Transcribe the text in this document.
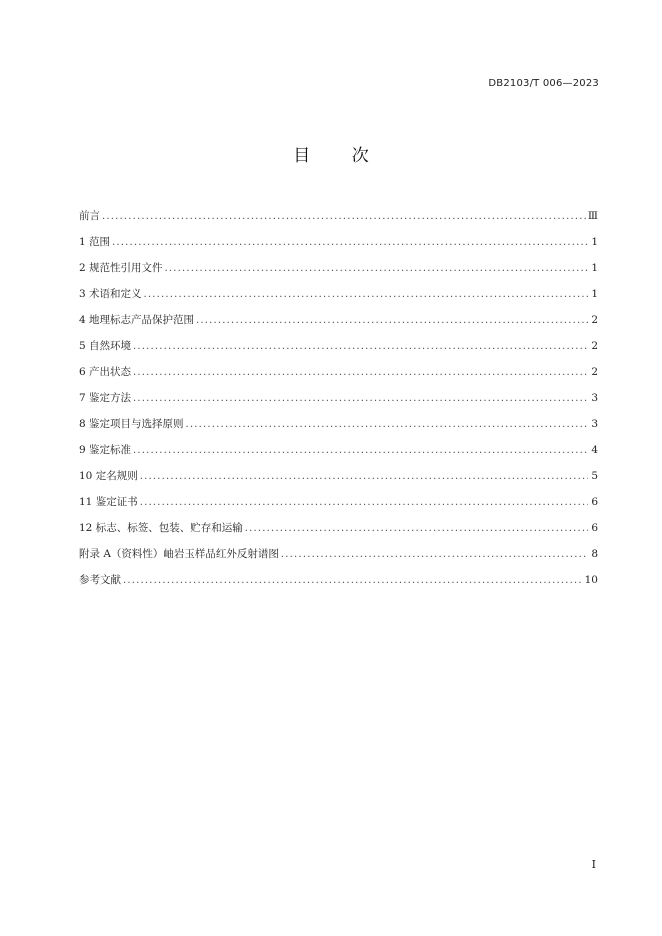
DB2103/T 006—2023
目 次
前言 .....	Ⅲ
1 范围 .....	1
2 规范性引用文件 .....	1
3 术语和定义 .....	1
4 地理标志产品保护范围 .....	2
5 自然环境 .....	2
6 产出状态 .....	2
7 鉴定方法 .....	3
8 鉴定项目与选择原则 .....	3
9 鉴定标准 .....	4
10 定名规则 .....	5
11 鉴定证书 .....	6
12 标志、标签、包装、贮存和运输 .....	6
附录 A（资料性）岫岩玉样品红外反射谱图 .....	8
参考文献 .....	10
I
